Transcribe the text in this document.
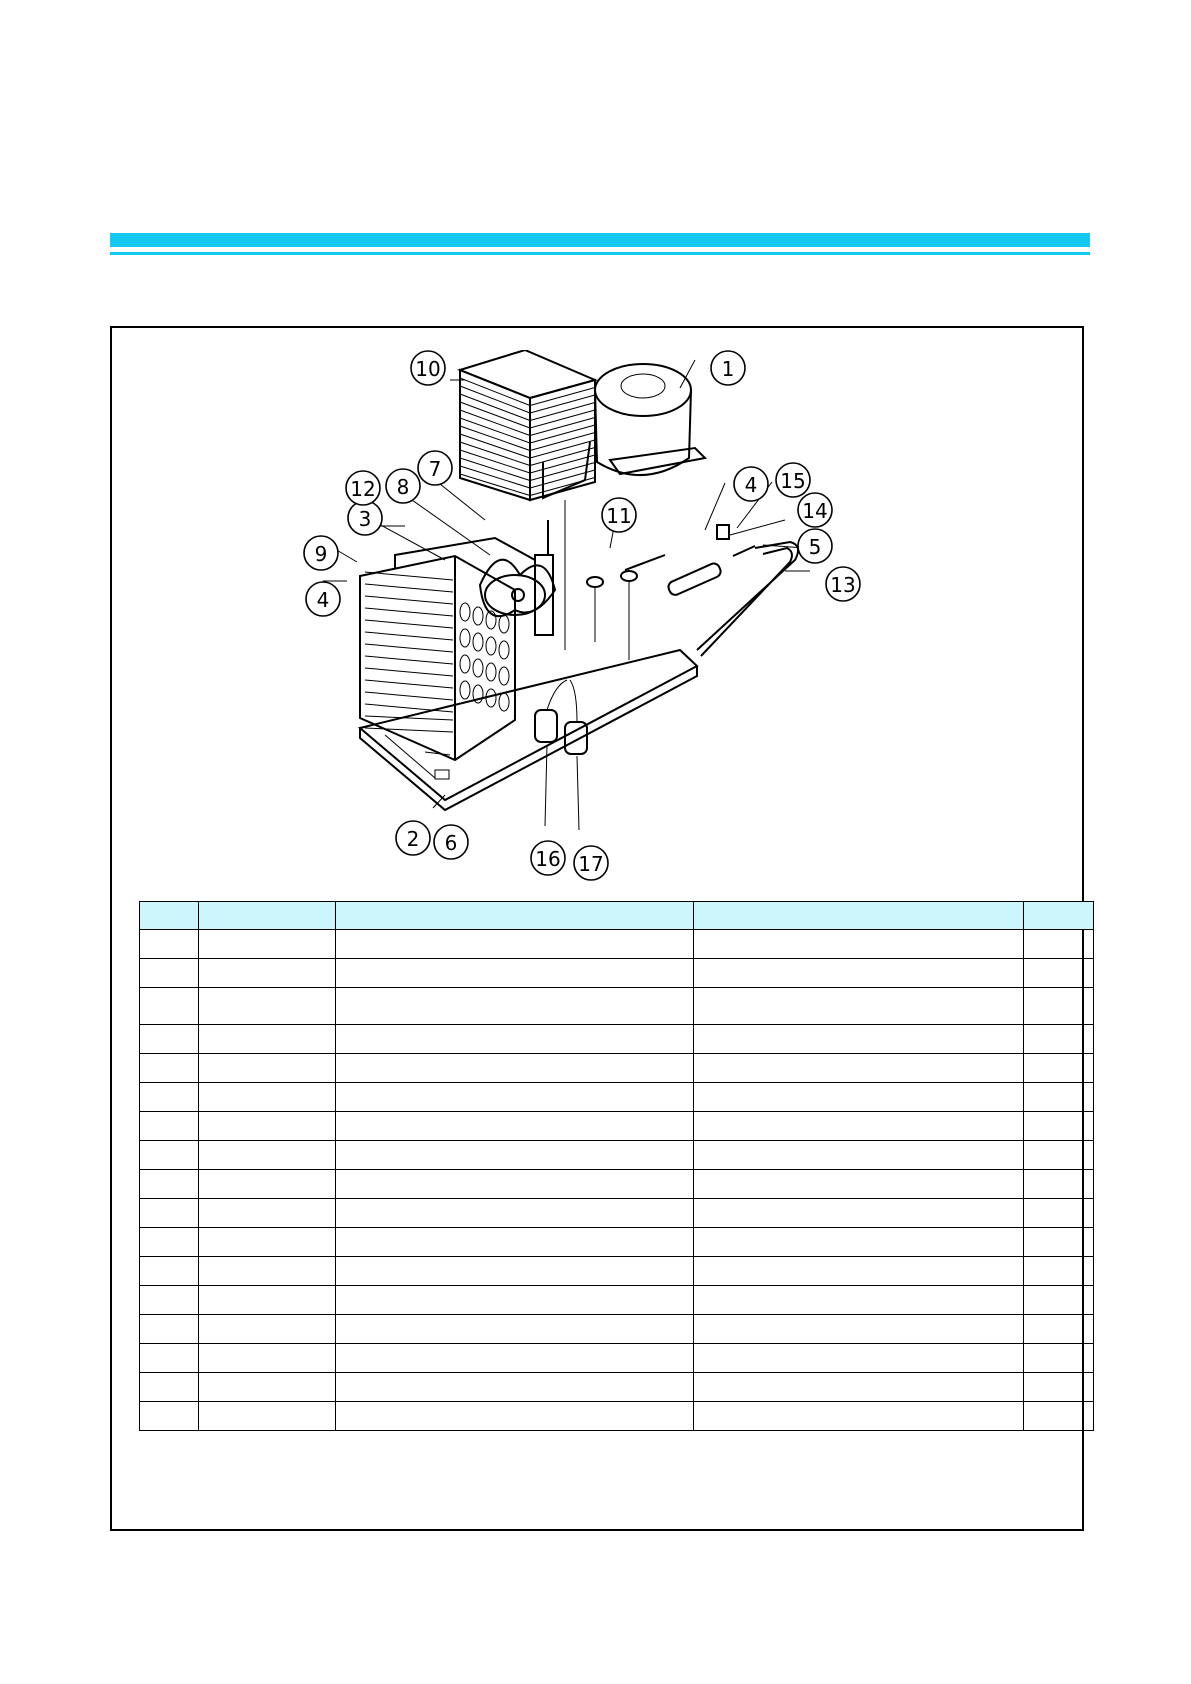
1
2
3
4
4
5
6
7
8
9
10
11
12
13
14
15
16 17
